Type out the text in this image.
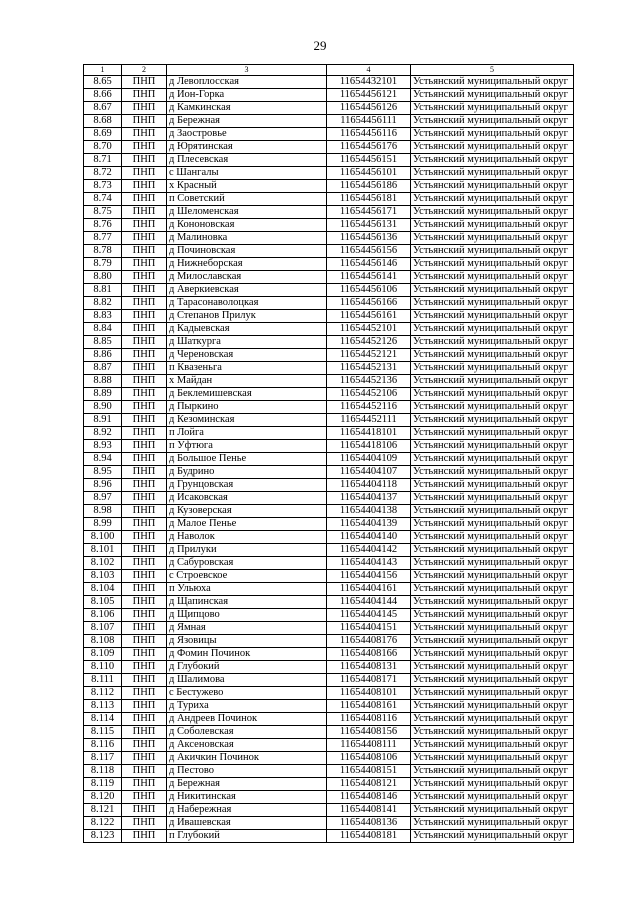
29
1	2	3	4	5
8.65	ПНП	д Левоплосская	11654432101	Устьянский муниципальный округ
8.66	ПНП	д Ион-Горка	11654456121	Устьянский муниципальный округ
8.67	ПНП	д Камкинская	11654456126	Устьянский муниципальный округ
8.68	ПНП	д Бережная	11654456111	Устьянский муниципальный округ
8.69	ПНП	д Заостровье	11654456116	Устьянский муниципальный округ
8.70	ПНП	д Юрятинская	11654456176	Устьянский муниципальный округ
8.71	ПНП	д Плесевская	11654456151	Устьянский муниципальный округ
8.72	ПНП	с Шангалы	11654456101	Устьянский муниципальный округ
8.73	ПНП	х Красный	11654456186	Устьянский муниципальный округ
8.74	ПНП	п Советский	11654456181	Устьянский муниципальный округ
8.75	ПНП	д Шеломенская	11654456171	Устьянский муниципальный округ
8.76	ПНП	д Кононовская	11654456131	Устьянский муниципальный округ
8.77	ПНП	д Малиновка	11654456136	Устьянский муниципальный округ
8.78	ПНП	д Починовская	11654456156	Устьянский муниципальный округ
8.79	ПНП	д Нижнеборская	11654456146	Устьянский муниципальный округ
8.80	ПНП	д Милославская	11654456141	Устьянский муниципальный округ
8.81	ПНП	д Аверкиевская	11654456106	Устьянский муниципальный округ
8.82	ПНП	д Тарасонаволоцкая	11654456166	Устьянский муниципальный округ
8.83	ПНП	д Степанов Прилук	11654456161	Устьянский муниципальный округ
8.84	ПНП	д Кадыевская	11654452101	Устьянский муниципальный округ
8.85	ПНП	д Шаткурга	11654452126	Устьянский муниципальный округ
8.86	ПНП	д Череновская	11654452121	Устьянский муниципальный округ
8.87	ПНП	п Квазеньга	11654452131	Устьянский муниципальный округ
8.88	ПНП	х Майдан	11654452136	Устьянский муниципальный округ
8.89	ПНП	д Беклемишевская	11654452106	Устьянский муниципальный округ
8.90	ПНП	д Пыркино	11654452116	Устьянский муниципальный округ
8.91	ПНП	д Кезоминская	11654452111	Устьянский муниципальный округ
8.92	ПНП	п Лойга	11654418101	Устьянский муниципальный округ
8.93	ПНП	п Уфтюга	11654418106	Устьянский муниципальный округ
8.94	ПНП	д Большое Пенье	11654404109	Устьянский муниципальный округ
8.95	ПНП	д Будрино	11654404107	Устьянский муниципальный округ
8.96	ПНП	д Грунцовская	11654404118	Устьянский муниципальный округ
8.97	ПНП	д Исаковская	11654404137	Устьянский муниципальный округ
8.98	ПНП	д Кузоверская	11654404138	Устьянский муниципальный округ
8.99	ПНП	д Малое Пенье	11654404139	Устьянский муниципальный округ
8.100	ПНП	д Наволок	11654404140	Устьянский муниципальный округ
8.101	ПНП	д Прилуки	11654404142	Устьянский муниципальный округ
8.102	ПНП	д Сабуровская	11654404143	Устьянский муниципальный округ
8.103	ПНП	с Строевское	11654404156	Устьянский муниципальный округ
8.104	ПНП	п Ульюха	11654404161	Устьянский муниципальный округ
8.105	ПНП	д Щапинская	11654404144	Устьянский муниципальный округ
8.106	ПНП	д Щипцово	11654404145	Устьянский муниципальный округ
8.107	ПНП	д Ямная	11654404151	Устьянский муниципальный округ
8.108	ПНП	д Язовицы	11654408176	Устьянский муниципальный округ
8.109	ПНП	д Фомин Починок	11654408166	Устьянский муниципальный округ
8.110	ПНП	д Глубокий	11654408131	Устьянский муниципальный округ
8.111	ПНП	д Шалимова	11654408171	Устьянский муниципальный округ
8.112	ПНП	с Бестужево	11654408101	Устьянский муниципальный округ
8.113	ПНП	д Туриха	11654408161	Устьянский муниципальный округ
8.114	ПНП	д Андреев Починок	11654408116	Устьянский муниципальный округ
8.115	ПНП	д Соболевская	11654408156	Устьянский муниципальный округ
8.116	ПНП	д Аксеновская	11654408111	Устьянский муниципальный округ
8.117	ПНП	д Акичкин Починок	11654408106	Устьянский муниципальный округ
8.118	ПНП	д Пестово	11654408151	Устьянский муниципальный округ
8.119	ПНП	д Бережная	11654408121	Устьянский муниципальный округ
8.120	ПНП	д Никитинская	11654408146	Устьянский муниципальный округ
8.121	ПНП	д Набережная	11654408141	Устьянский муниципальный округ
8.122	ПНП	д Ивашевская	11654408136	Устьянский муниципальный округ
8.123	ПНП	п Глубокий	11654408181	Устьянский муниципальный округ
